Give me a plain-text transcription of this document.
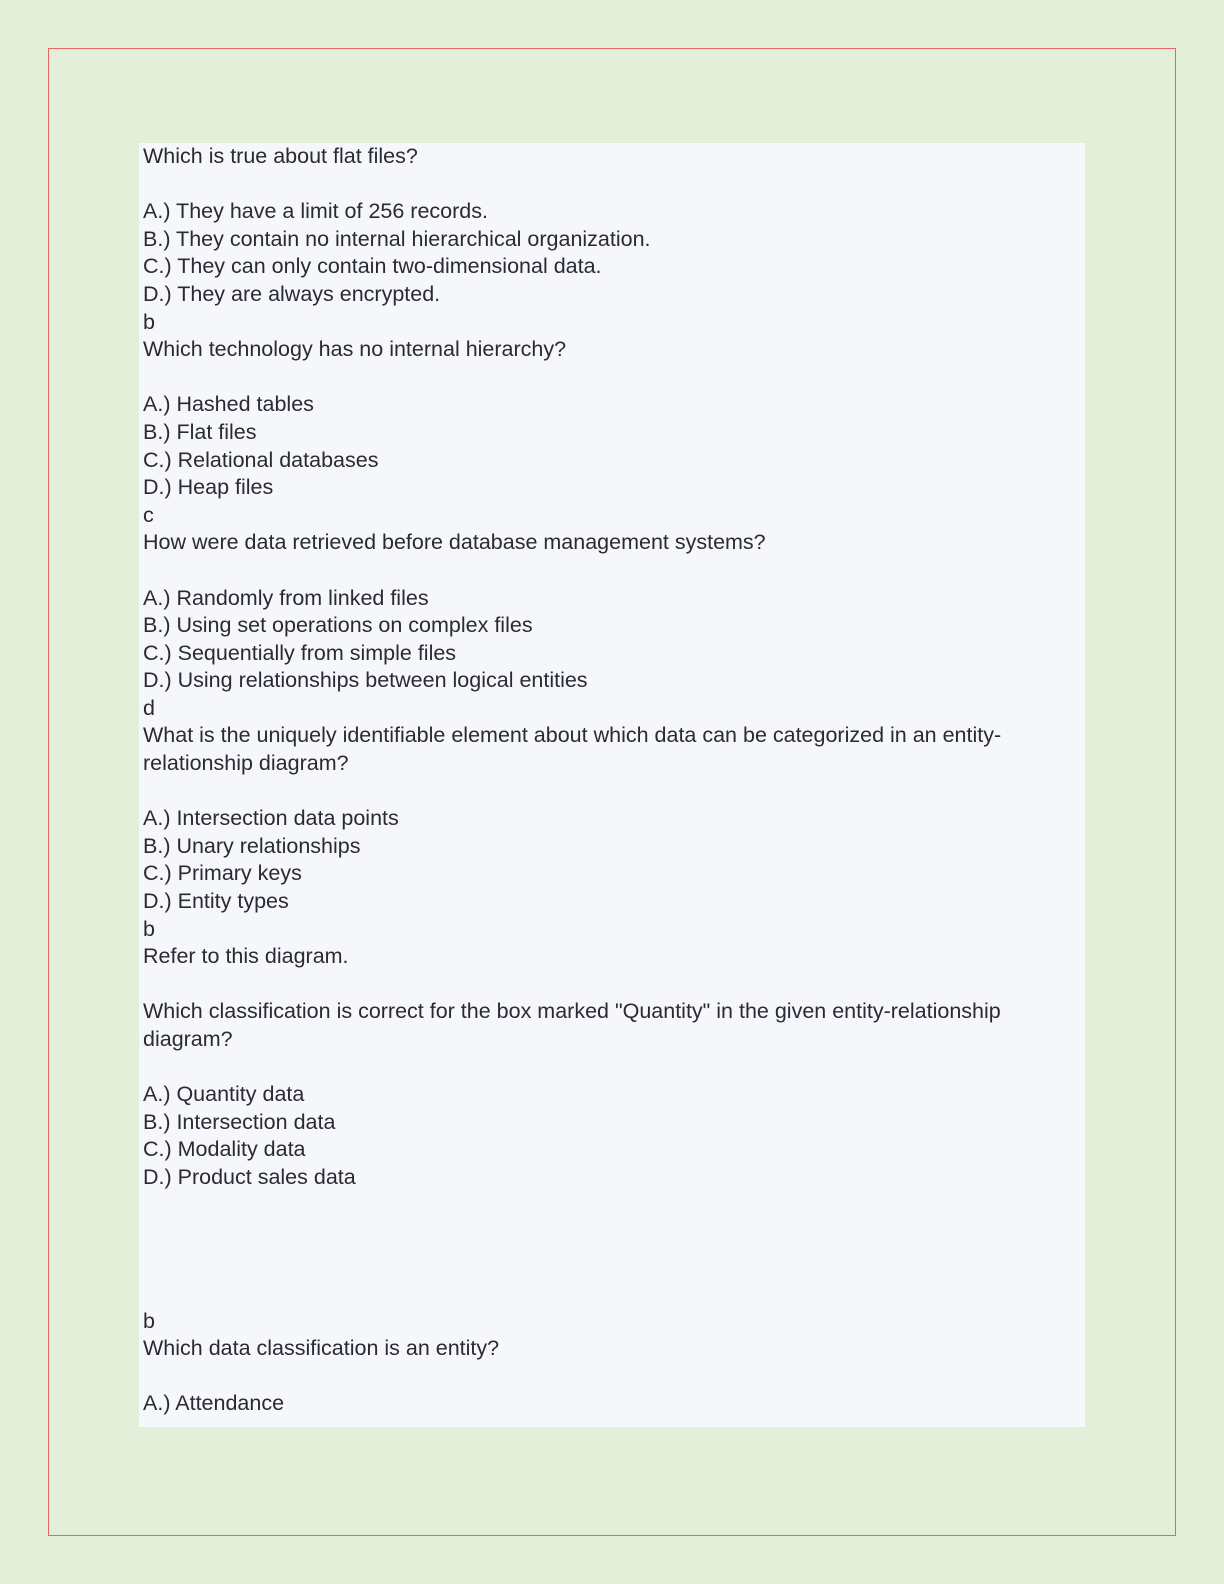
Which is true about flat files?
A.) They have a limit of 256 records.
B.) They contain no internal hierarchical organization.
C.) They can only contain two-dimensional data.
D.) They are always encrypted.
b
Which technology has no internal hierarchy?
A.) Hashed tables
B.) Flat files
C.) Relational databases
D.) Heap files
c
How were data retrieved before database management systems?
A.) Randomly from linked files
B.) Using set operations on complex files
C.) Sequentially from simple files
D.) Using relationships between logical entities
d
What is the uniquely identifiable element about which data can be categorized in an entity-relationship diagram?
A.) Intersection data points
B.) Unary relationships
C.) Primary keys
D.) Entity types
b
Refer to this diagram.
Which classification is correct for the box marked "Quantity" in the given entity-relationship diagram?
A.) Quantity data
B.) Intersection data
C.) Modality data
D.) Product sales data
b
Which data classification is an entity?
A.) Attendance
